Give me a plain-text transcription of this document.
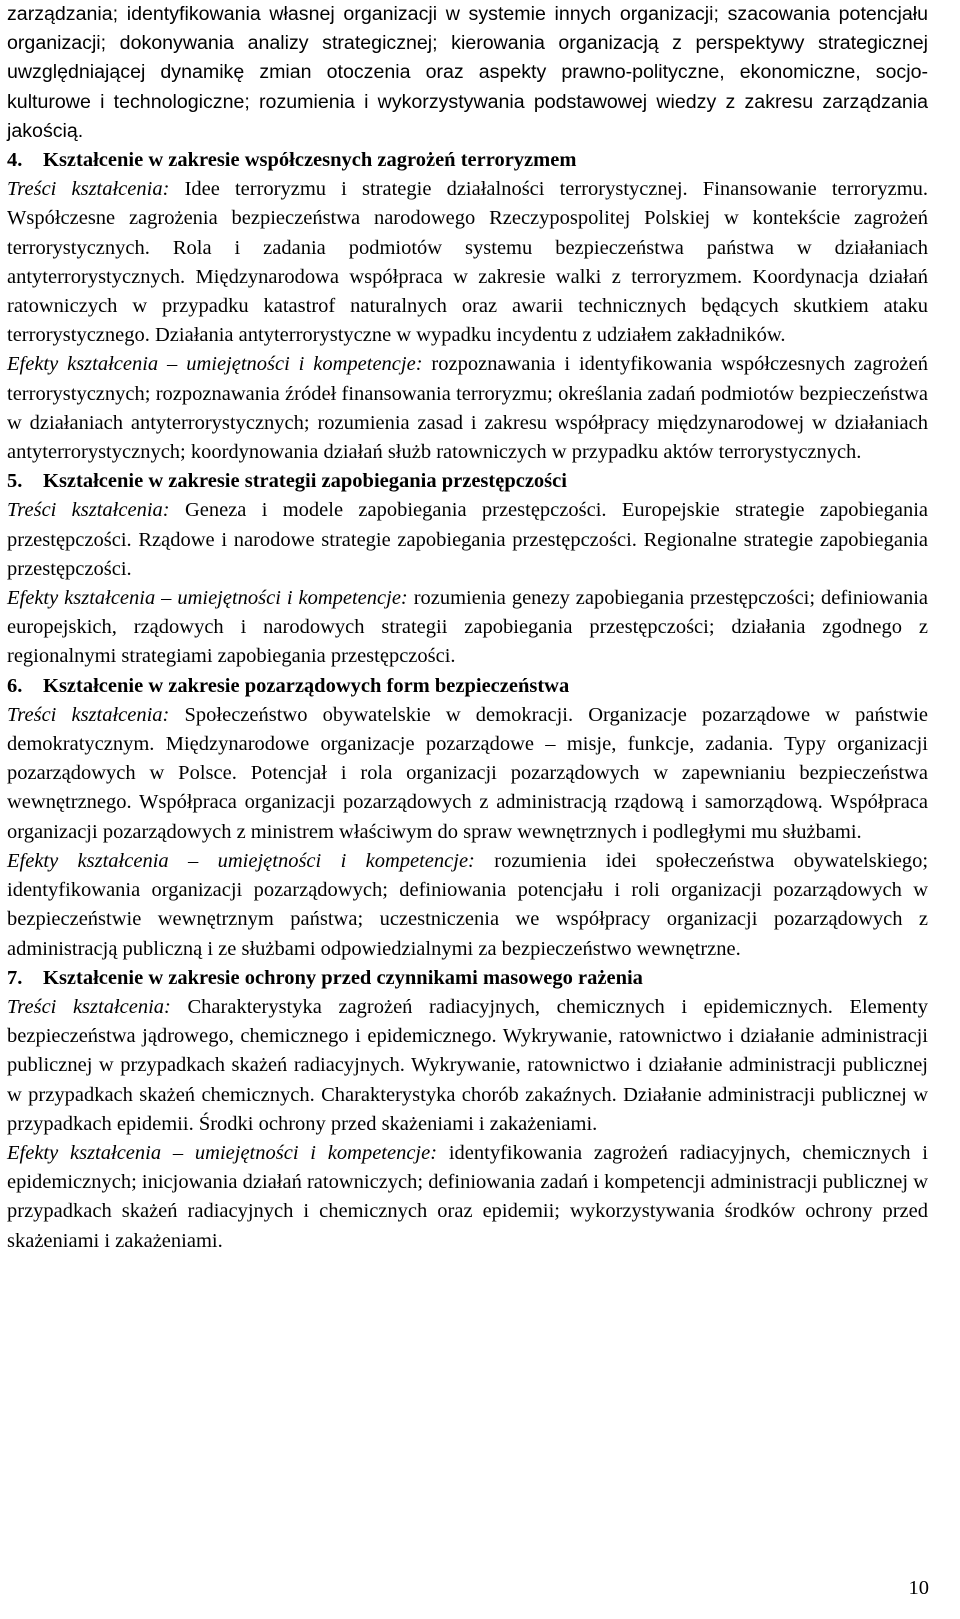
zarządzania; identyfikowania własnej organizacji w systemie innych organizacji; szacowania potencjału organizacji; dokonywania analizy strategicznej; kierowania organizacją z perspektywy strategicznej uwzględniającej dynamikę zmian otoczenia oraz aspekty prawno-polityczne, ekonomiczne, socjo-kulturowe i technologiczne; rozumienia i wykorzystywania podstawowej wiedzy z zakresu zarządzania jakością.

4. Kształcenie w zakresie współczesnych zagrożeń terroryzmem

Treści kształcenia: Idee terroryzmu i strategie działalności terrorystycznej. Finansowanie terroryzmu. Współczesne zagrożenia bezpieczeństwa narodowego Rzeczypospolitej Polskiej w kontekście zagrożeń terrorystycznych. Rola i zadania podmiotów systemu bezpieczeństwa państwa w działaniach antyterrorystycznych. Międzynarodowa współpraca w zakresie walki z terroryzmem. Koordynacja działań ratowniczych w przypadku katastrof naturalnych oraz awarii technicznych będących skutkiem ataku terrorystycznego. Działania antyterrorystyczne w wypadku incydentu z udziałem zakładników.

Efekty kształcenia – umiejętności i kompetencje: rozpoznawania i identyfikowania współczesnych zagrożeń terrorystycznych; rozpoznawania źródeł finansowania terroryzmu; określania zadań podmiotów bezpieczeństwa w działaniach antyterrorystycznych; rozumienia zasad i zakresu współpracy międzynarodowej w działaniach antyterrorystycznych; koordynowania działań służb ratowniczych w przypadku aktów terrorystycznych.

5. Kształcenie w zakresie strategii zapobiegania przestępczości

Treści kształcenia: Geneza i modele zapobiegania przestępczości. Europejskie strategie zapobiegania przestępczości. Rządowe i narodowe strategie zapobiegania przestępczości. Regionalne strategie zapobiegania przestępczości.

Efekty kształcenia – umiejętności i kompetencje: rozumienia genezy zapobiegania przestępczości; definiowania europejskich, rządowych i narodowych strategii zapobiegania przestępczości; działania zgodnego z regionalnymi strategiami zapobiegania przestępczości.

6. Kształcenie w zakresie pozarządowych form bezpieczeństwa

Treści kształcenia: Społeczeństwo obywatelskie w demokracji. Organizacje pozarządowe w państwie demokratycznym. Międzynarodowe organizacje pozarządowe – misje, funkcje, zadania. Typy organizacji pozarządowych w Polsce. Potencjał i rola organizacji pozarządowych w zapewnianiu bezpieczeństwa wewnętrznego. Współpraca organizacji pozarządowych z administracją rządową i samorządową. Współpraca organizacji pozarządowych z ministrem właściwym do spraw wewnętrznych i podległymi mu służbami.

Efekty kształcenia – umiejętności i kompetencje: rozumienia idei społeczeństwa obywatelskiego; identyfikowania organizacji pozarządowych; definiowania potencjału i roli organizacji pozarządowych w bezpieczeństwie wewnętrznym państwa; uczestniczenia we współpracy organizacji pozarządowych z administracją publiczną i ze służbami odpowiedzialnymi za bezpieczeństwo wewnętrzne.

7. Kształcenie w zakresie ochrony przed czynnikami masowego rażenia

Treści kształcenia: Charakterystyka zagrożeń radiacyjnych, chemicznych i epidemicznych. Elementy bezpieczeństwa jądrowego, chemicznego i epidemicznego. Wykrywanie, ratownictwo i działanie administracji publicznej w przypadkach skażeń radiacyjnych. Wykrywanie, ratownictwo i działanie administracji publicznej w przypadkach skażeń chemicznych. Charakterystyka chorób zakaźnych. Działanie administracji publicznej w przypadkach epidemii. Środki ochrony przed skażeniami i zakażeniami.

Efekty kształcenia – umiejętności i kompetencje: identyfikowania zagrożeń radiacyjnych, chemicznych i epidemicznych; inicjowania działań ratowniczych; definiowania zadań i kompetencji administracji publicznej w przypadkach skażeń radiacyjnych i chemicznych oraz epidemii; wykorzystywania środków ochrony przed skażeniami i zakażeniami.

10
